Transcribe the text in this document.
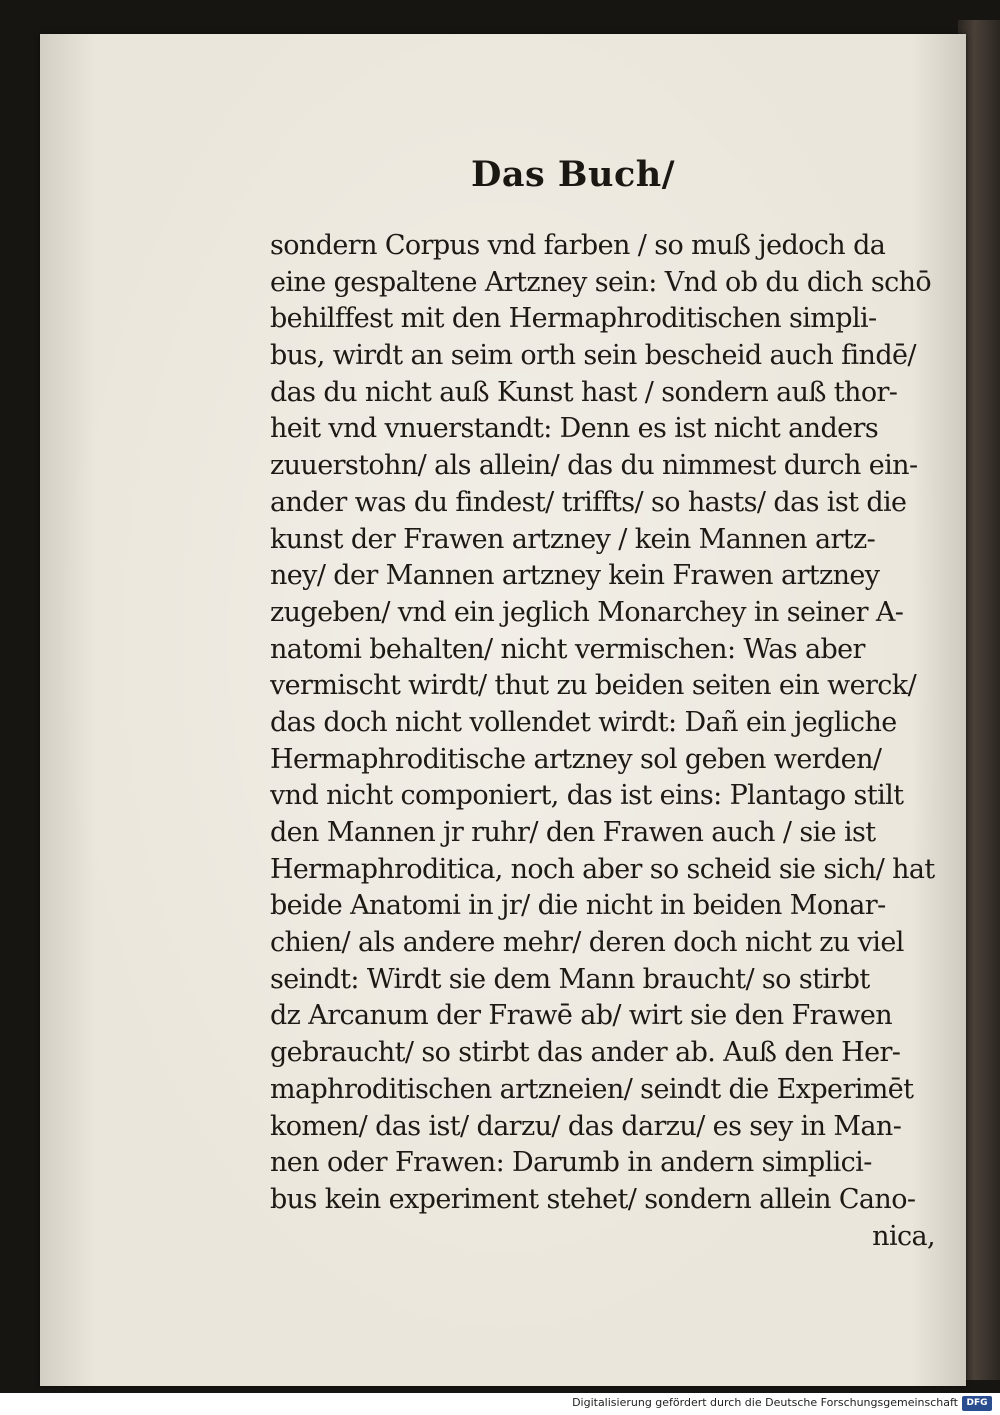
Das Buch/
sondern Corpus vnd farben / so muß jedoch da
eine gespaltene Artzney sein: Vnd ob du dich schō
behilffest mit den Hermaphroditischen simpli-
bus, wirdt an seim orth sein bescheid auch findē/
das du nicht auß Kunst hast / sondern auß thor-
heit vnd vnuerstandt: Denn es ist nicht anders
zuuerstohn/ als allein/ das du nimmest durch ein-
ander was du findest/ triffts/ so hasts/ das ist die
kunst der Frawen artzney / kein Mannen artz-
ney/ der Mannen artzney kein Frawen artzney
zugeben/ vnd ein jeglich Monarchey in seiner A-
natomi behalten/ nicht vermischen: Was aber
vermischt wirdt/ thut zu beiden seiten ein werck/
das doch nicht vollendet wirdt: Dañ ein jegliche
Hermaphroditische artzney sol geben werden/
vnd nicht componiert, das ist eins: Plantago stilt
den Mannen jr ruhr/ den Frawen auch / sie ist
Hermaphroditica, noch aber so scheid sie sich/ hat
beide Anatomi in jr/ die nicht in beiden Monar-
chien/ als andere mehr/ deren doch nicht zu viel
seindt: Wirdt sie dem Mann braucht/ so stirbt
dz Arcanum der Frawē ab/ wirt sie den Frawen
gebraucht/ so stirbt das ander ab. Auß den Her-
maphroditischen artzneien/ seindt die Experimēt
komen/ das ist/ darzu/ das darzu/ es sey in Man-
nen oder Frawen: Darumb in andern simplici-
bus kein experiment stehet/ sondern allein Cano-
nica,
Digitalisierung gefördert durch die Deutsche Forschungsgemeinschaft DFG
